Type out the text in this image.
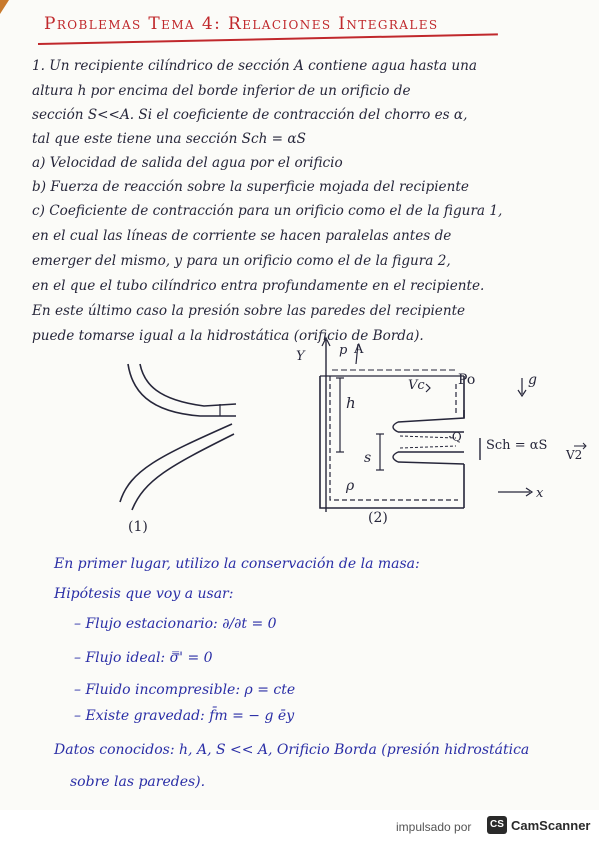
Problemas Tema 4: Relaciones Integrales
1. Un recipiente cilíndrico de sección A contiene agua hasta una
altura h por encima del borde inferior de un orificio de
sección S<<A. Si el coeficiente de contracción del chorro es α,
tal que este tiene una sección Sch = αS
a) Velocidad de salida del agua por el orificio
b) Fuerza de reacción sobre la superficie mojada del recipiente
c) Coeficiente de contracción para un orificio como el de la figura 1,
en el cual las líneas de corriente se hacen paralelas antes de
emerger del mismo, y para un orificio como el de la figura 2,
en el que el tubo cilíndrico entra profundamente en el recipiente.
En este último caso la presión sobre las paredes del recipiente
puede tomarse igual a la hidrostática (orificio de Borda).
(1)
Y	p A
Po	g
Vc
h
s
·Q
Sch = αS
V2
ρ	x
(2)
En primer lugar, utilizo la conservación de la masa:
Hipótesis que voy a usar:
– Flujo estacionario: ∂/∂t = 0
– Flujo ideal: σ̿' = 0
– Fluido incompresible: ρ = cte
– Existe gravedad: f̄m = − g ēy
Datos conocidos: h, A, S << A, Orificio Borda (presión hidrostática
sobre las paredes).
impulsado por	CS CamScanner
